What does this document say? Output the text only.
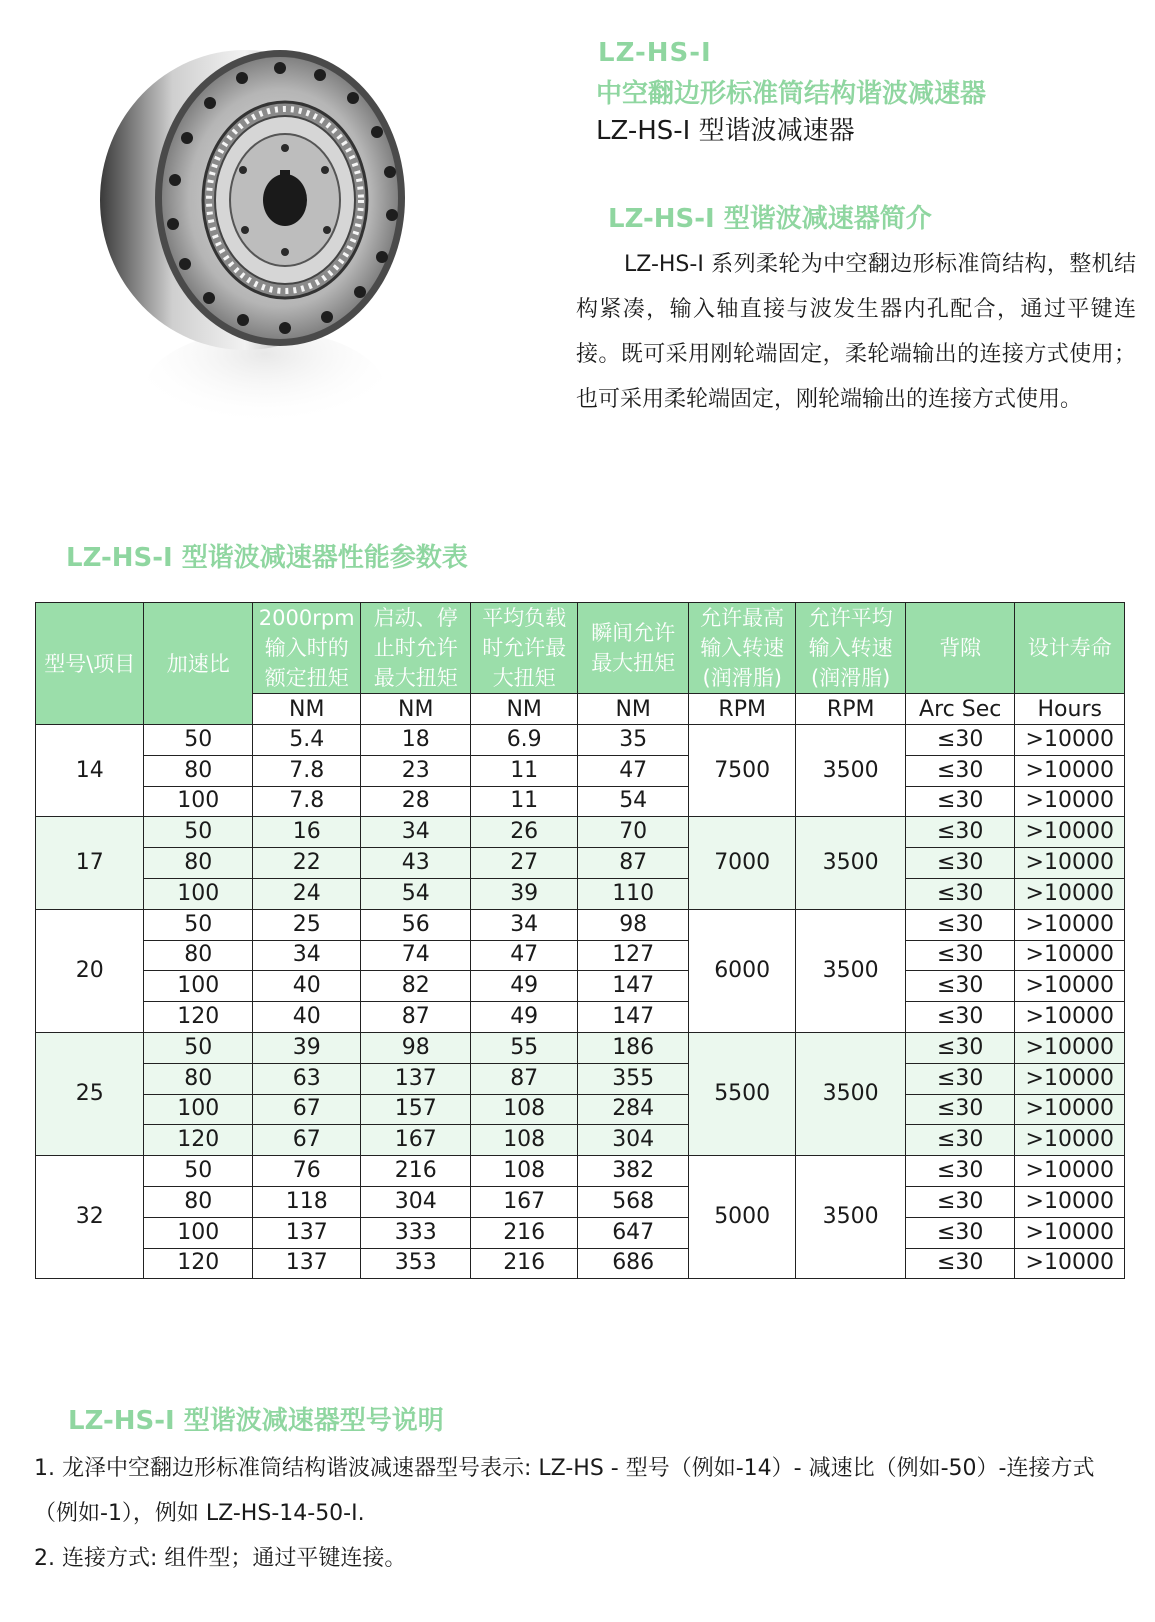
LZ-HS-I
中空翻边形标准筒结构谐波减速器
LZ-HS-I 型谐波减速器
LZ-HS-I 型谐波减速器简介

LZ-HS-I 系列柔轮为中空翻边形标准筒结构，整机结构紧凑，输入轴直接与波发生器内孔配合，通过平键连接。既可采用刚轮端固定，柔轮端输出的连接方式使用；也可采用柔轮端固定，刚轮端输出的连接方式使用。

LZ-HS-I 型谐波减速器性能参数表
型号\项目	加速比	2000rpm 输入时的 额定扭矩	启动、停 止时允许 最大扭矩	平均负载 时允许最 大扭矩	瞬间允许 最大扭矩	允许最高 输入转速 (润滑脂)	允许平均 输入转速 (润滑脂)	背隙	设计寿命
		NM	NM	NM	NM	RPM	RPM	Arc Sec	Hours
14	50	5.4	18	6.9	35	7500	3500	≤30	>10000
	80	7.8	23	11	47			≤30	>10000
	100	7.8	28	11	54			≤30	>10000
17	50	16	34	26	70	7000	3500	≤30	>10000
	80	22	43	27	87			≤30	>10000
	100	24	54	39	110			≤30	>10000
20	50	25	56	34	98	6000	3500	≤30	>10000
	80	34	74	47	127			≤30	>10000
	100	40	82	49	147			≤30	>10000
	120	40	87	49	147			≤30	>10000
25	50	39	98	55	186	5500	3500	≤30	>10000
	80	63	137	87	355			≤30	>10000
	100	67	157	108	284			≤30	>10000
	120	67	167	108	304			≤30	>10000
32	50	76	216	108	382	5000	3500	≤30	>10000
	80	118	304	167	568			≤30	>10000
	100	137	333	216	647			≤30	>10000
	120	137	353	216	686			≤30	>10000
LZ-HS-I 型谐波减速器型号说明

1. 龙泽中空翻边形标准筒结构谐波减速器型号表示: LZ-HS - 型号（例如-14）- 减速比（例如-50）-连接方式（例如-1），例如 LZ-HS-14-50-I.

2. 连接方式: 组件型；通过平键连接。
